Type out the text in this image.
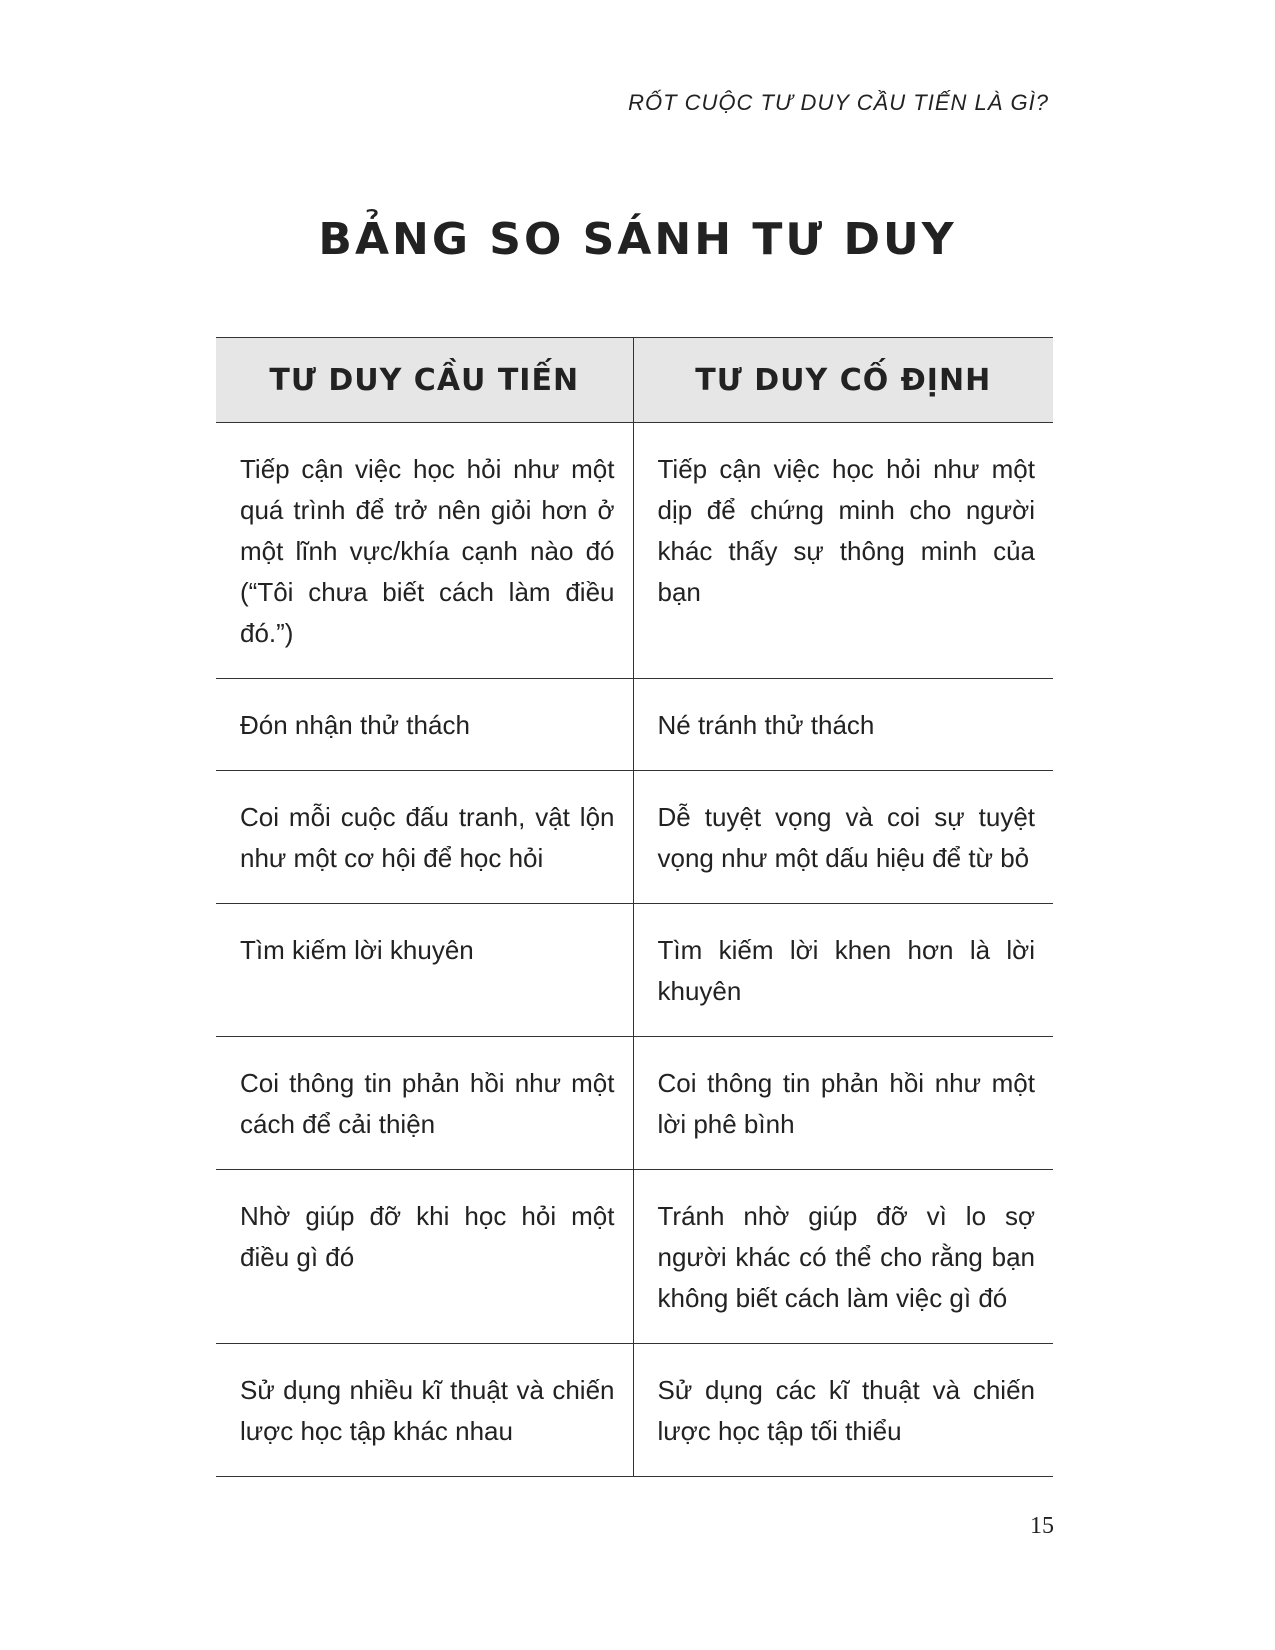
RỐT CUỘC TƯ DUY CẦU TIẾN LÀ GÌ?
BẢNG SO SÁNH TƯ DUY
TƯ DUY CẦU TIẾN	TƯ DUY CỐ ĐỊNH
Tiếp cận việc học hỏi như một quá trình để trở nên giỏi hơn ở một lĩnh vực/khía cạnh nào đó (“Tôi chưa biết cách làm điều đó.”)	Tiếp cận việc học hỏi như một dịp để chứng minh cho người khác thấy sự thông minh của bạn
Đón nhận thử thách	Né tránh thử thách
Coi mỗi cuộc đấu tranh, vật lộn như một cơ hội để học hỏi	Dễ tuyệt vọng và coi sự tuyệt vọng như một dấu hiệu để từ bỏ
Tìm kiếm lời khuyên	Tìm kiếm lời khen hơn là lời khuyên
Coi thông tin phản hồi như một cách để cải thiện	Coi thông tin phản hồi như một lời phê bình
Nhờ giúp đỡ khi học hỏi một điều gì đó	Tránh nhờ giúp đỡ vì lo sợ người khác có thể cho rằng bạn không biết cách làm việc gì đó
Sử dụng nhiều kĩ thuật và chiến lược học tập khác nhau	Sử dụng các kĩ thuật và chiến lược học tập tối thiểu
15
